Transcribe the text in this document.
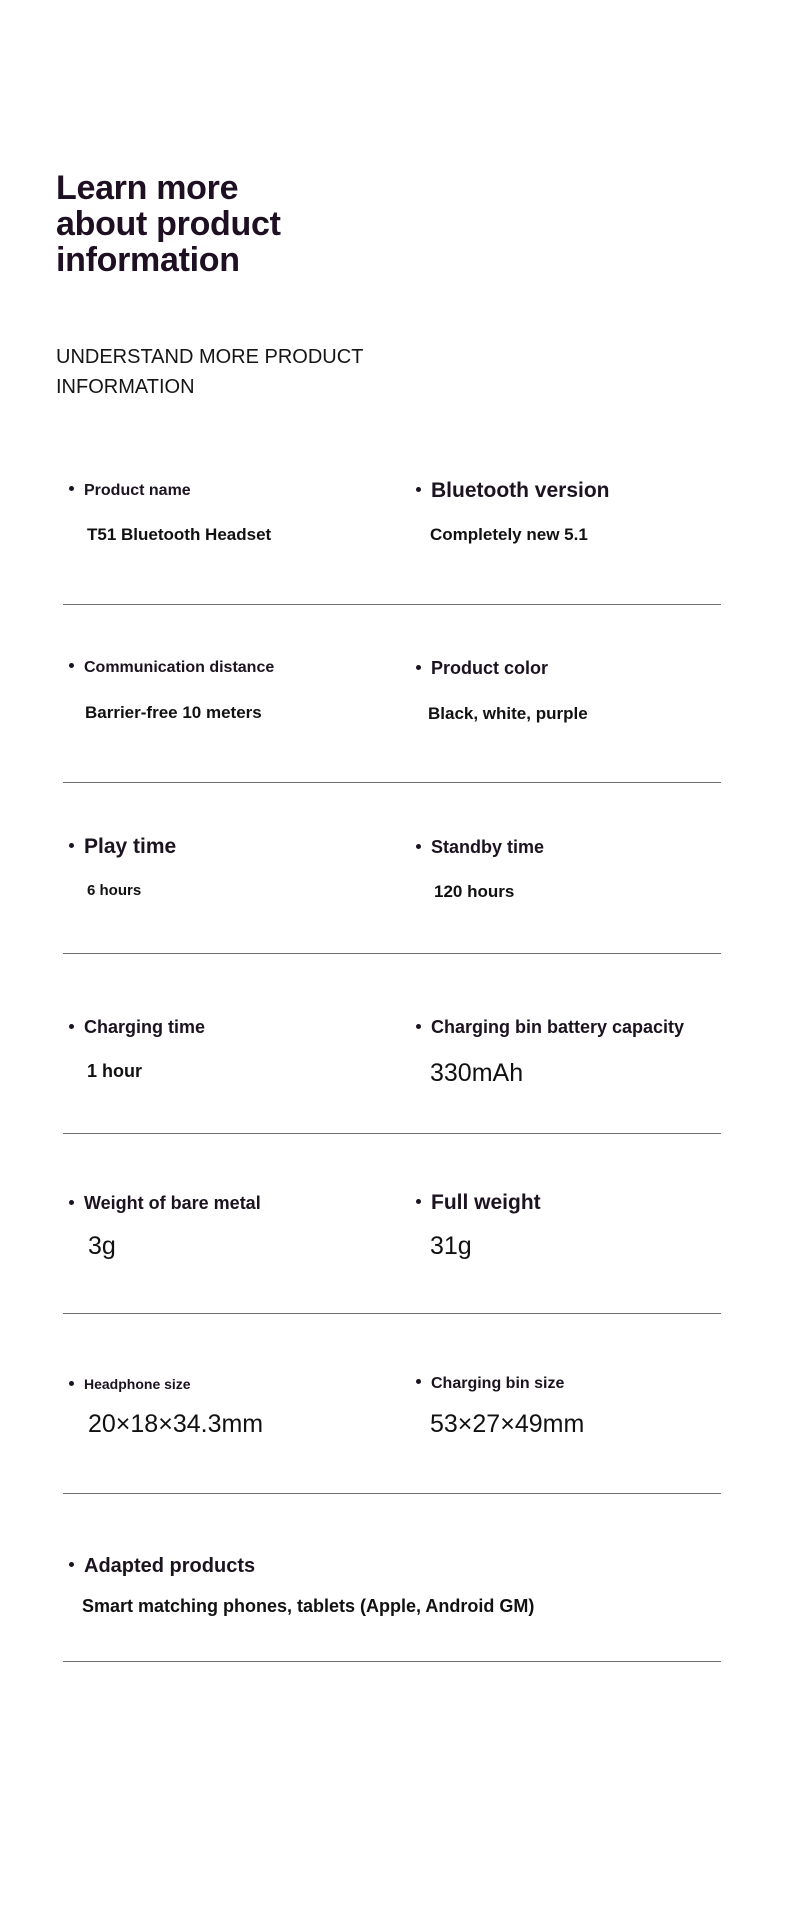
Learn more about product information

UNDERSTAND MORE PRODUCT INFORMATION

Product name
T51 Bluetooth Headset
Bluetooth version
Completely new 5.1
Communication distance
Barrier-free 10 meters
Product color
Black, white, purple
Play time
6 hours
Standby time
120 hours
Charging time
1 hour
Charging bin battery capacity
330mAh
Weight of bare metal
3g
Full weight
31g
Headphone size
20×18×34.3mm
Charging bin size
53×27×49mm
Adapted products
Smart matching phones, tablets (Apple, Android GM)
